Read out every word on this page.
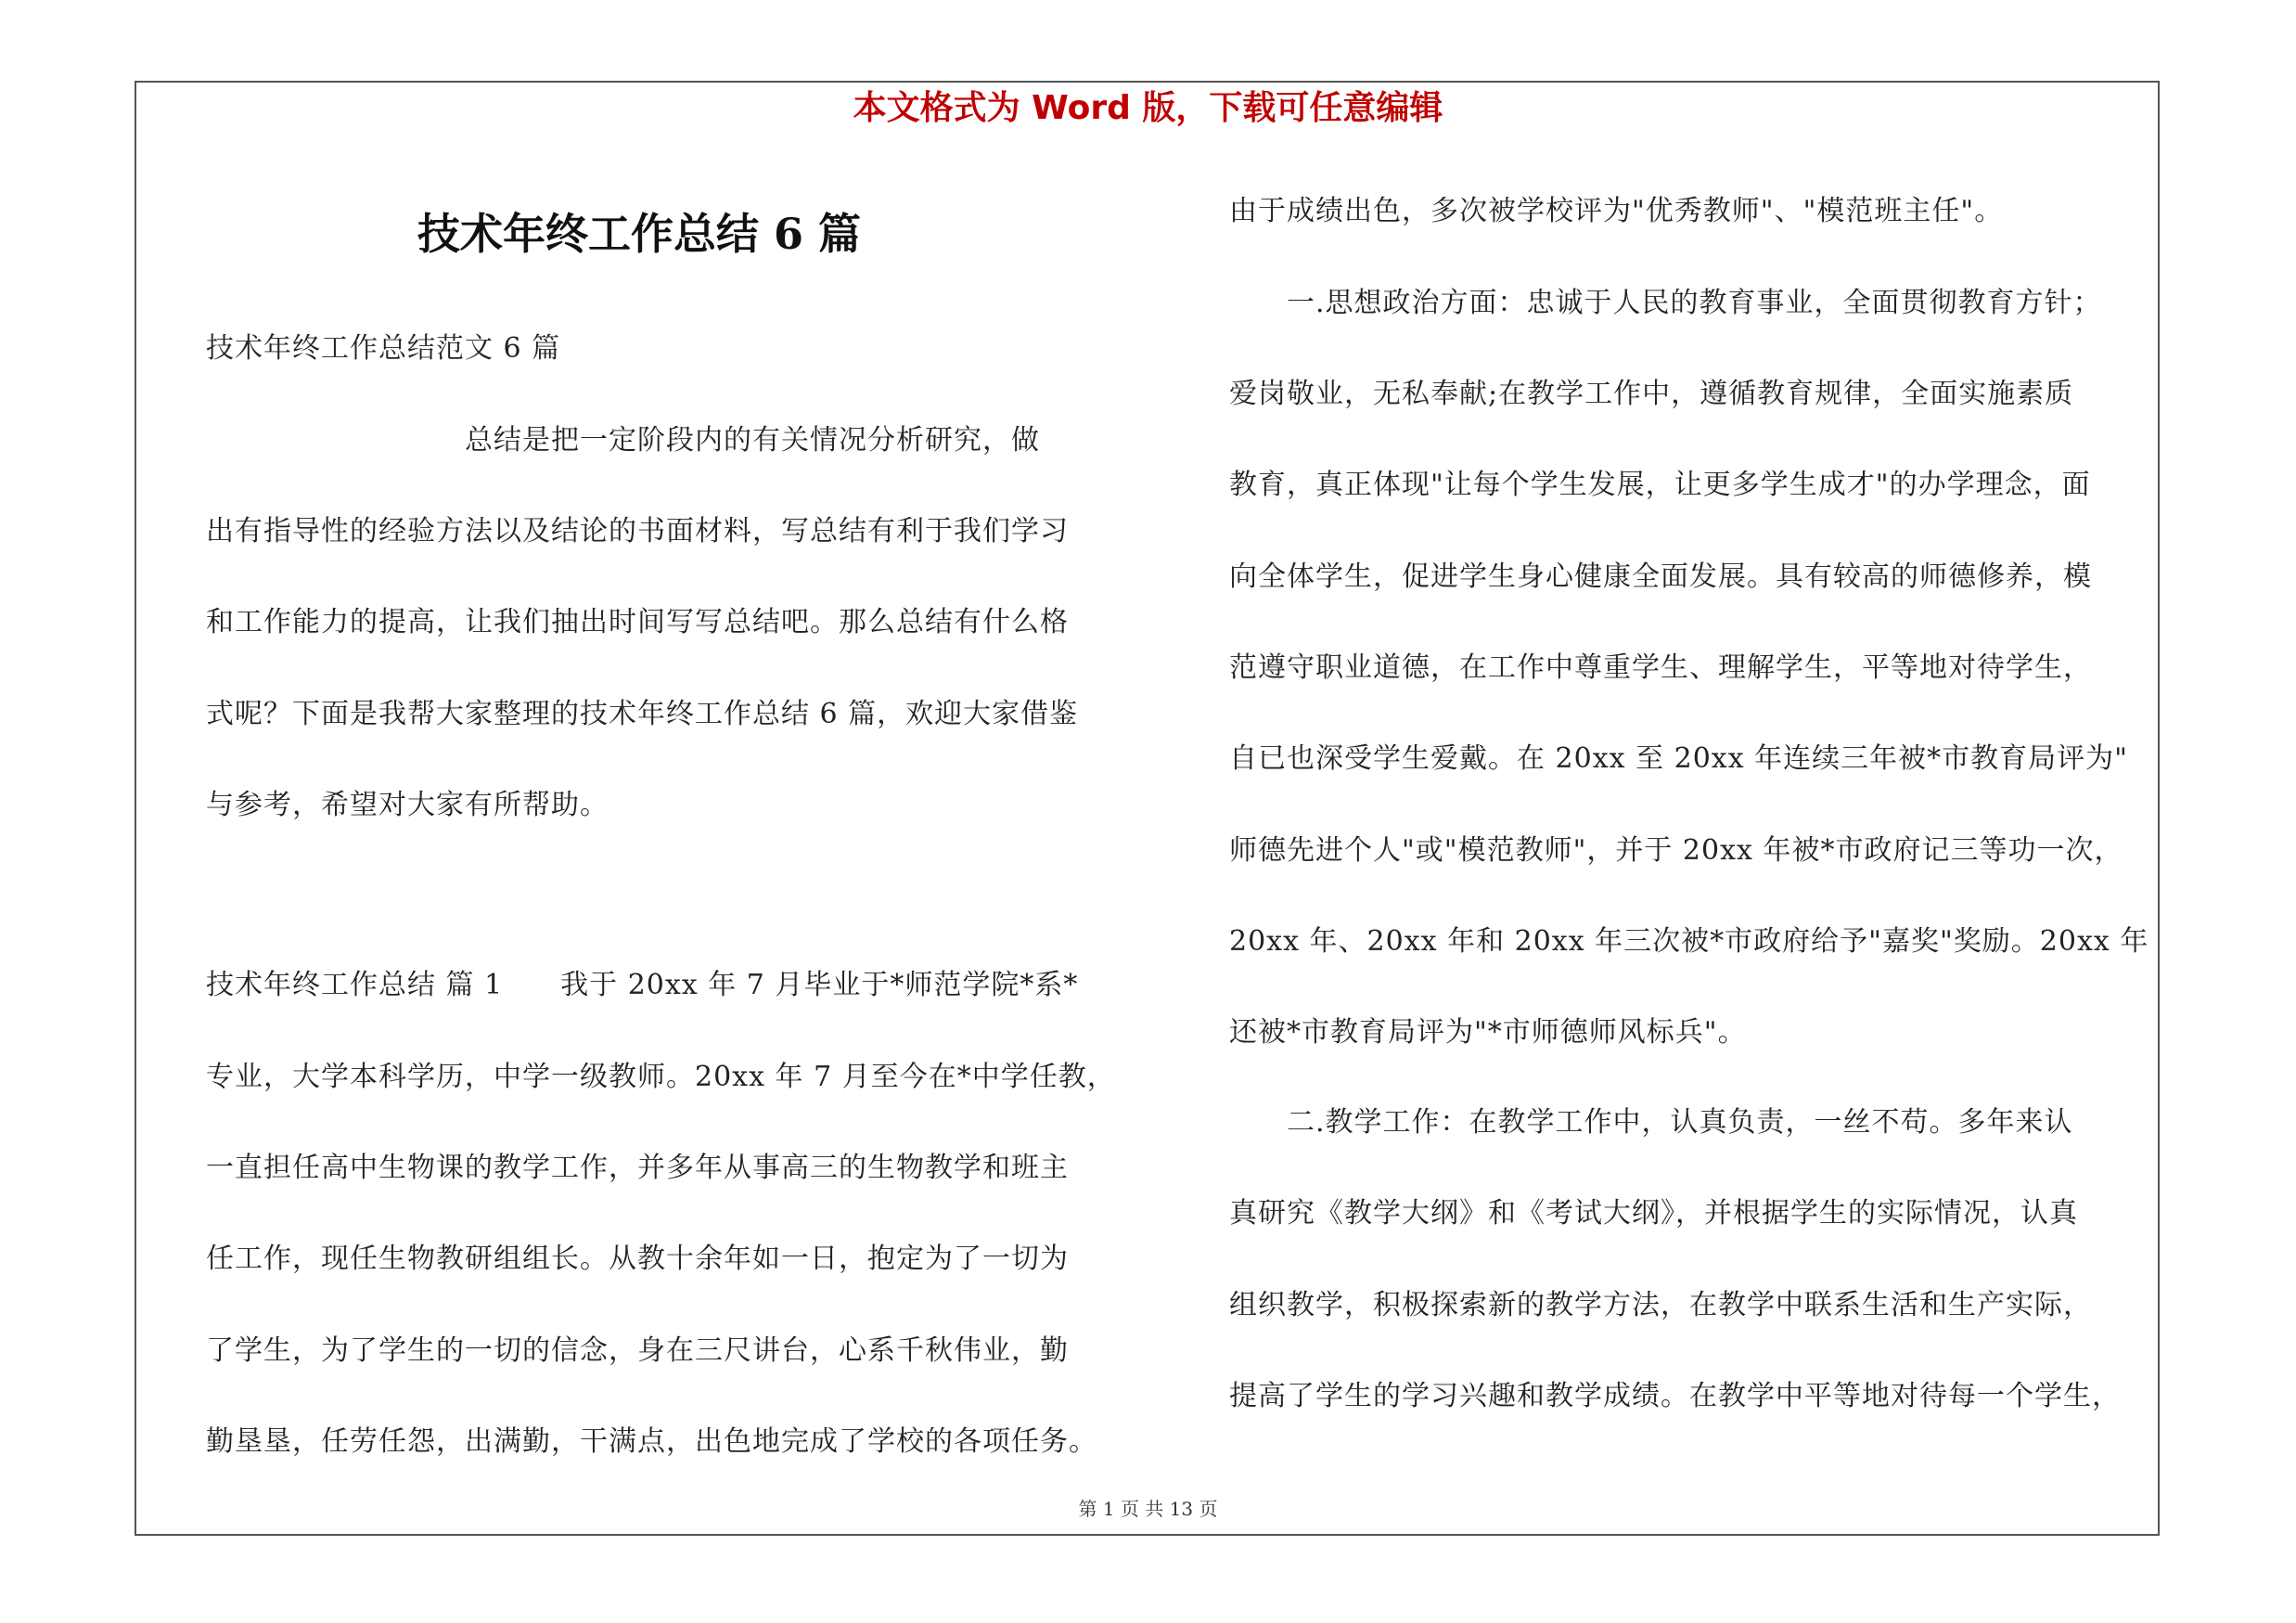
本文格式为 Word 版，下载可任意编辑
技术年终工作总结 6 篇
技术年终工作总结范文 6 篇
　　　　　　　　　总结是把一定阶段内的有关情况分析研究，做
出有指导性的经验方法以及结论的书面材料，写总结有利于我们学习
和工作能力的提高，让我们抽出时间写写总结吧。那么总结有什么格
式呢？下面是我帮大家整理的技术年终工作总结 6 篇，欢迎大家借鉴
与参考，希望对大家有所帮助。
技术年终工作总结 篇 1　　我于 20xx 年 7 月毕业于*师范学院*系*
专业，大学本科学历，中学一级教师。20xx 年 7 月至今在*中学任教，
一直担任高中生物课的教学工作，并多年从事高三的生物教学和班主
任工作，现任生物教研组组长。从教十余年如一日，抱定为了一切为
了学生，为了学生的一切的信念，身在三尺讲台，心系千秋伟业，勤
勤垦垦，任劳任怨，出满勤，干满点，出色地完成了学校的各项任务。
由于成绩出色，多次被学校评为"优秀教师"、"模范班主任"。
　　一.思想政治方面：忠诚于人民的教育事业，全面贯彻教育方针；
爱岗敬业，无私奉献;在教学工作中，遵循教育规律，全面实施素质
教育，真正体现"让每个学生发展，让更多学生成才"的办学理念，面
向全体学生，促进学生身心健康全面发展。具有较高的师德修养，模
范遵守职业道德，在工作中尊重学生、理解学生，平等地对待学生，
自已也深受学生爱戴。在 20xx 至 20xx 年连续三年被*市教育局评为"
师德先进个人"或"模范教师"，并于 20xx 年被*市政府记三等功一次，
20xx 年、20xx 年和 20xx 年三次被*市政府给予"嘉奖"奖励。20xx 年
还被*市教育局评为"*市师德师风标兵"。
　　二.教学工作：在教学工作中，认真负责，一丝不苟。多年来认
真研究《教学大纲》和《考试大纲》，并根据学生的实际情况，认真
组织教学，积极探索新的教学方法，在教学中联系生活和生产实际，
提高了学生的学习兴趣和教学成绩。在教学中平等地对待每一个学生，
第 1 页 共 13 页
